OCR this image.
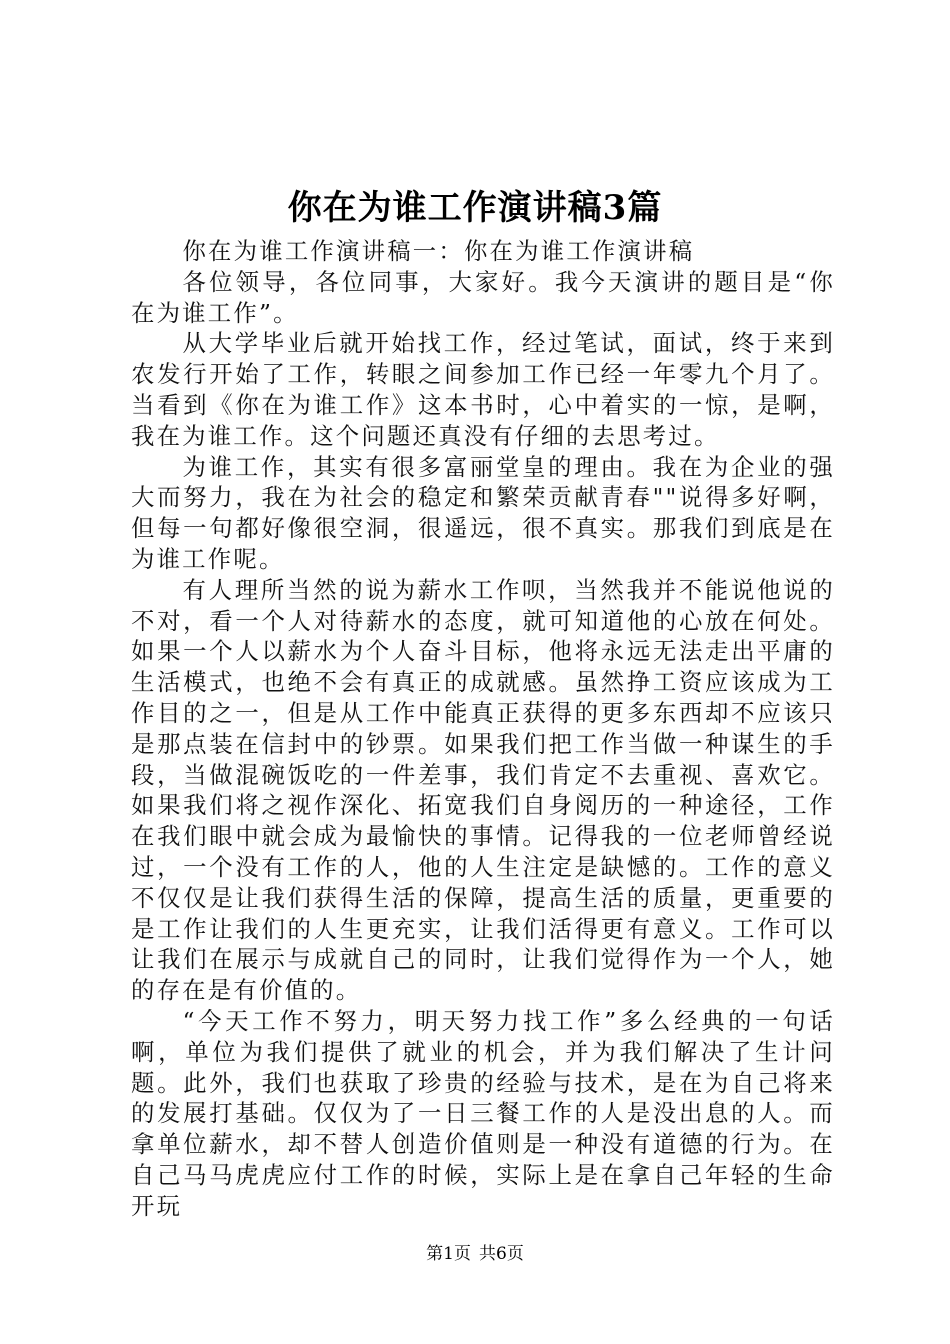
你在为谁工作演讲稿3篇

你在为谁工作演讲稿一：你在为谁工作演讲稿

各位领导，各位同事，大家好。我今天演讲的题目是“你在为谁工作”。

从大学毕业后就开始找工作，经过笔试，面试，终于来到农发行开始了工作，转眼之间参加工作已经一年零九个月了。当看到《你在为谁工作》这本书时，心中着实的一惊，是啊，我在为谁工作。这个问题还真没有仔细的去思考过。

为谁工作，其实有很多富丽堂皇的理由。我在为企业的强大而努力，我在为社会的稳定和繁荣贡献青春""说得多好啊，但每一句都好像很空洞，很遥远，很不真实。那我们到底是在为谁工作呢。

有人理所当然的说为薪水工作呗，当然我并不能说他说的不对，看一个人对待薪水的态度，就可知道他的心放在何处。如果一个人以薪水为个人奋斗目标，他将永远无法走出平庸的生活模式，也绝不会有真正的成就感。虽然挣工资应该成为工作目的之一，但是从工作中能真正获得的更多东西却不应该只是那点装在信封中的钞票。如果我们把工作当做一种谋生的手段，当做混碗饭吃的一件差事，我们肯定不去重视、喜欢它。如果我们将之视作深化、拓宽我们自身阅历的一种途径，工作在我们眼中就会成为最愉快的事情。记得我的一位老师曾经说过，一个没有工作的人，他的人生注定是缺憾的。工作的意义不仅仅是让我们获得生活的保障，提高生活的质量，更重要的是工作让我们的人生更充实，让我们活得更有意义。工作可以让我们在展示与成就自己的同时，让我们觉得作为一个人，她的存在是有价值的。

“今天工作不努力，明天努力找工作”多么经典的一句话啊，单位为我们提供了就业的机会，并为我们解决了生计问题。此外，我们也获取了珍贵的经验与技术，是在为自己将来的发展打基础。仅仅为了一日三餐工作的人是没出息的人。而拿单位薪水，却不替人创造价值则是一种没有道德的行为。在自己马马虎虎应付工作的时候，实际上是在拿自己年轻的生命开玩

第1页 共6页
